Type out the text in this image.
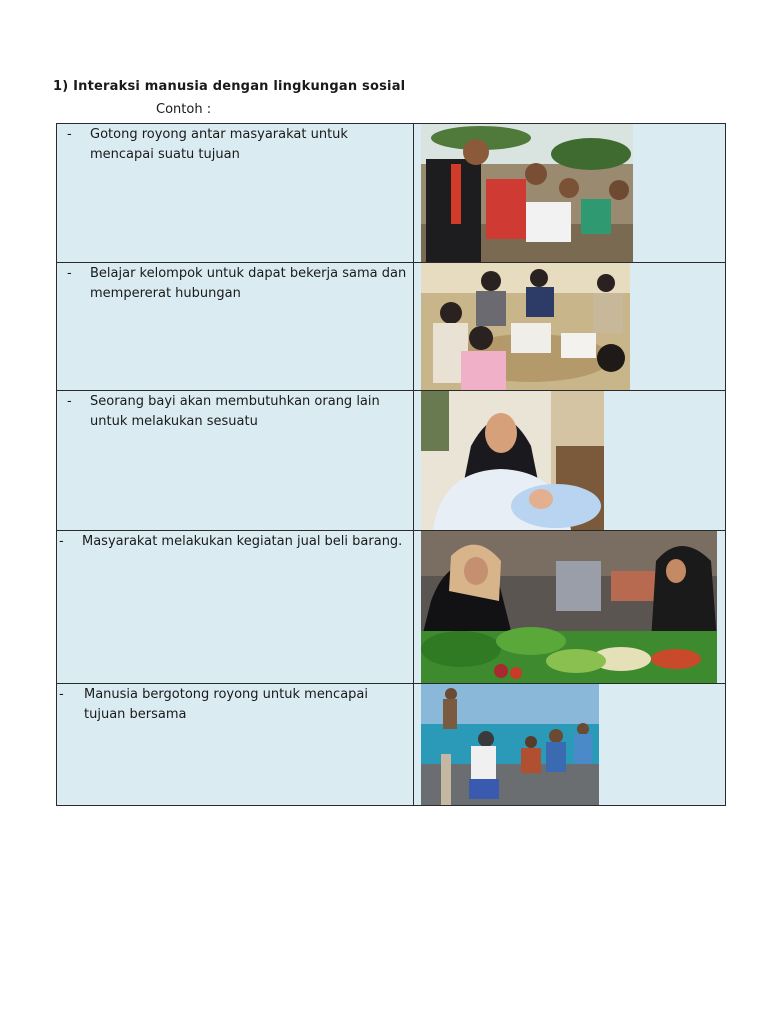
1) Interaksi manusia dengan lingkungan sosial
Contoh :
- Gotong royong antar masyarakat untuk mencapai suatu tujuan

- Belajar kelompok untuk dapat bekerja sama dan mempererat hubungan

- Seorang bayi akan membutuhkan orang lain untuk melakukan sesuatu

- Masyarakat melakukan kegiatan jual beli barang.

- Manusia bergotong royong untuk mencapai tujuan bersama
